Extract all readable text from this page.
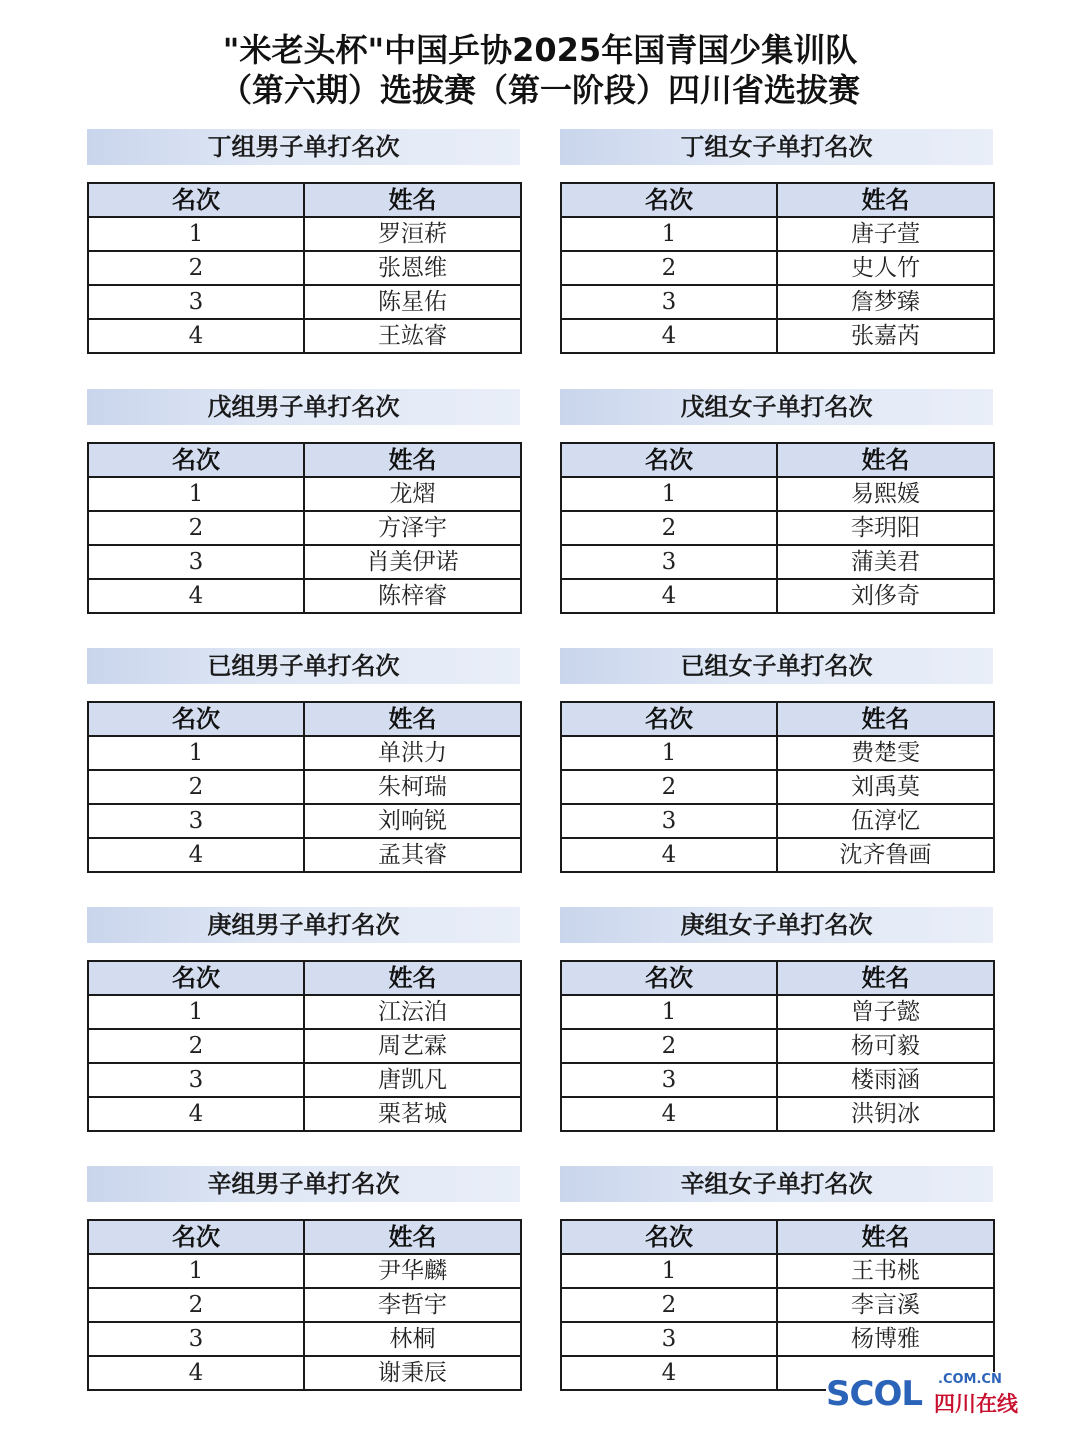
"米老头杯"中国乒协2025年国青国少集训队
（第六期）选拔赛（第一阶段）四川省选拔赛
丁组男子单打名次
名次	姓名
1	罗洹菥
2	张恩维
3	陈星佑
4	王竑睿
丁组女子单打名次
名次	姓名
1	唐子萱
2	史人竹
3	詹梦臻
4	张嘉芮
戊组男子单打名次
名次	姓名
1	龙熠
2	方泽宇
3	肖美伊诺
4	陈梓睿
戊组女子单打名次
名次	姓名
1	易熙媛
2	李玥阳
3	蒲美君
4	刘侈奇
已组男子单打名次
名次	姓名
1	单洪力
2	朱柯瑞
3	刘响锐
4	孟其睿
已组女子单打名次
名次	姓名
1	费楚雯
2	刘禹莫
3	伍淳忆
4	沈齐鲁画
庚组男子单打名次
名次	姓名
1	江沄泊
2	周艺霖
3	唐凯凡
4	栗茗城
庚组女子单打名次
名次	姓名
1	曾子懿
2	杨可毅
3	楼雨涵
4	洪钥冰
辛组男子单打名次
名次	姓名
1	尹华麟
2	李哲宇
3	林桐
4	谢秉辰
辛组女子单打名次
名次	姓名
1	王书桃
2	李言溪
3	杨博雅
4	
SCOL .COM.CN
四川在线
